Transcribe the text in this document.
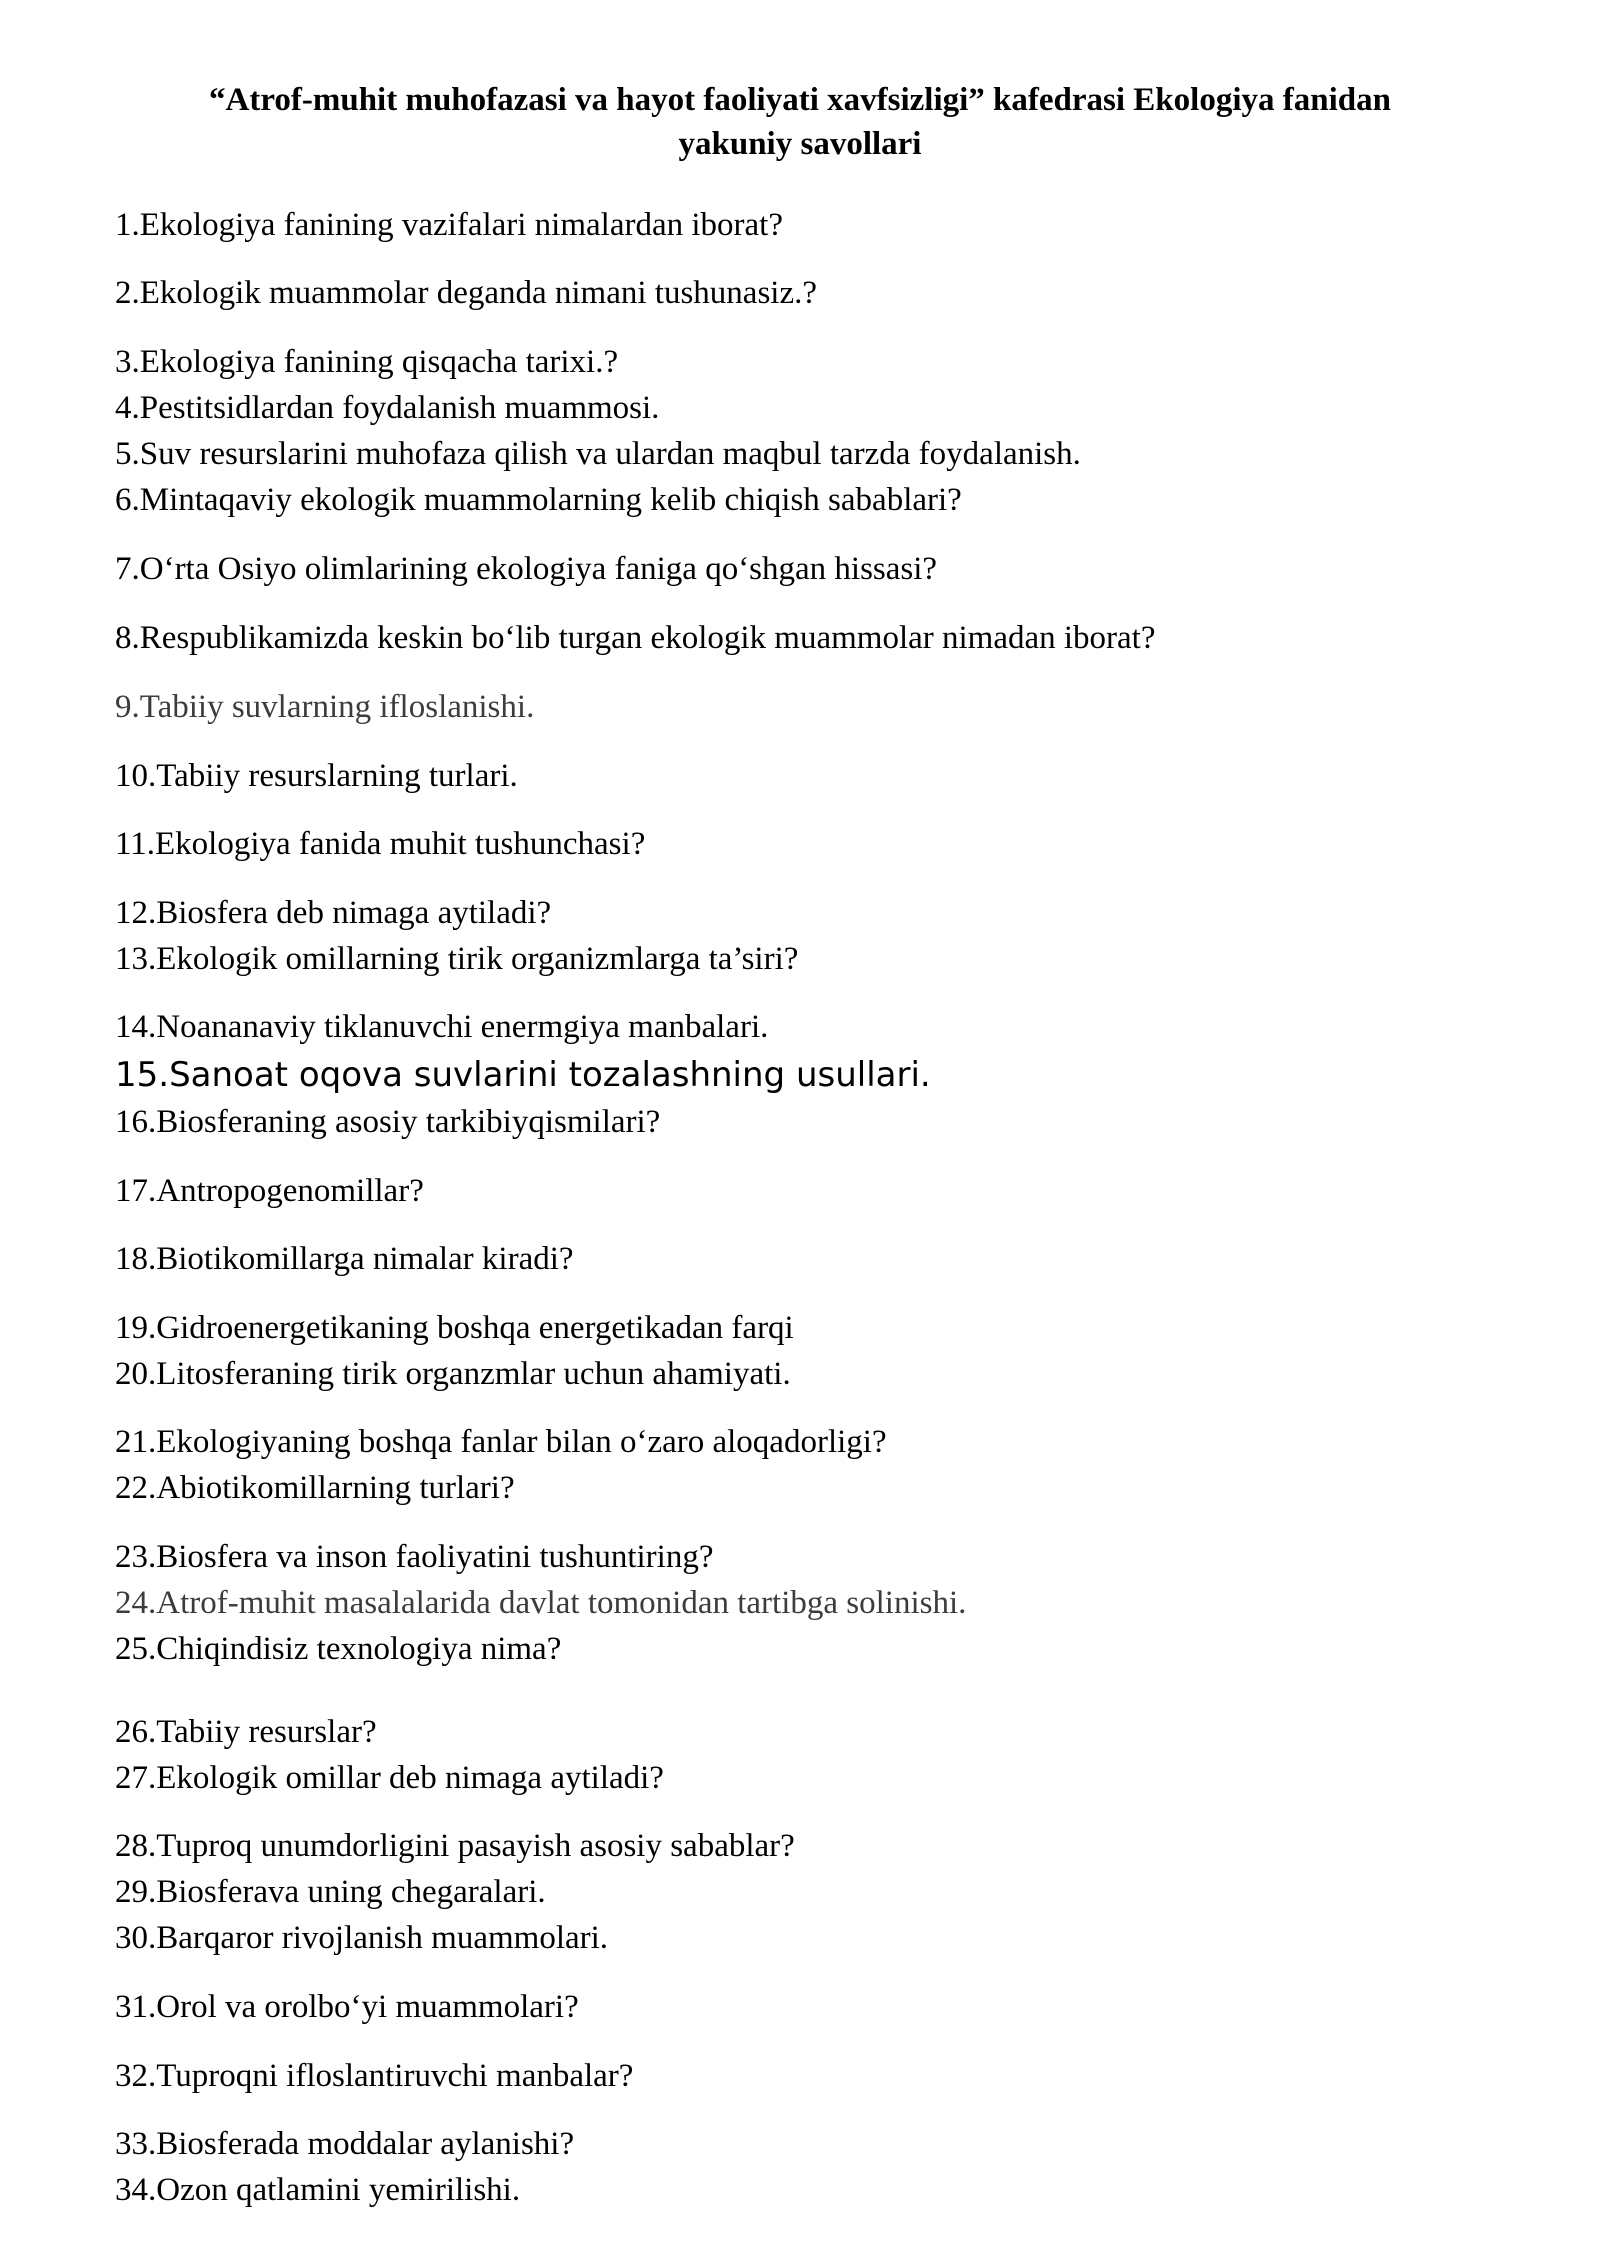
“Atrof-muhit muhofazasi va hayot faoliyati xavfsizligi” kafedrasi Ekologiya fanidan
yakuniy savollari
1.Ekologiya fanining vazifalari nimalardan iborat?
2.Ekologik muammolar deganda nimani tushunasiz.?
3.Ekologiya fanining qisqacha tarixi.?
4.Pestitsidlardan foydalanish muammosi.
5.Suv resurslarini muhofaza qilish va ulardan maqbul tarzda foydalanish.
6.Mintaqaviy ekologik muammolarning kelib chiqish sabablari?
7.O‘rta Osiyo olimlarining ekologiya faniga qo‘shgan hissasi?
8.Respublikamizda keskin bo‘lib turgan ekologik muammolar nimadan iborat?
9.Tabiiy suvlarning ifloslanishi.
10.Tabiiy resurslarning turlari.
11.Ekologiya fanida muhit tushunchasi?
12.Biosfera deb nimaga aytiladi?
13.Ekologik omillarning tirik organizmlarga ta’siri?
14.Noananaviy tiklanuvchi enermgiya manbalari.
15.Sanoat oqova suvlarini tozalashning usullari.
16.Biosferaning asosiy tarkibiyqismilari?
17.Antropogenomillar?
18.Biotikomillarga nimalar kiradi?
19.Gidroenergetikaning boshqa energetikadan farqi
20.Litosferaning tirik organzmlar uchun ahamiyati.
21.Ekologiyaning boshqa fanlar bilan o‘zaro aloqadorligi?
22.Abiotikomillarning turlari?
23.Biosfera va inson faoliyatini tushuntiring?
24.Atrof-muhit masalalarida davlat tomonidan tartibga solinishi.
25.Chiqindisiz texnologiya nima?
26.Tabiiy resurslar?
27.Ekologik omillar deb nimaga aytiladi?
28.Tuproq unumdorligini pasayish asosiy sabablar?
29.Biosferava uning chegaralari.
30.Barqaror rivojlanish muammolari.
31.Orol va orolbo‘yi muammolari?
32.Tuproqni ifloslantiruvchi manbalar?
33.Biosferada moddalar aylanishi?
34.Ozon qatlamini yemirilishi.
